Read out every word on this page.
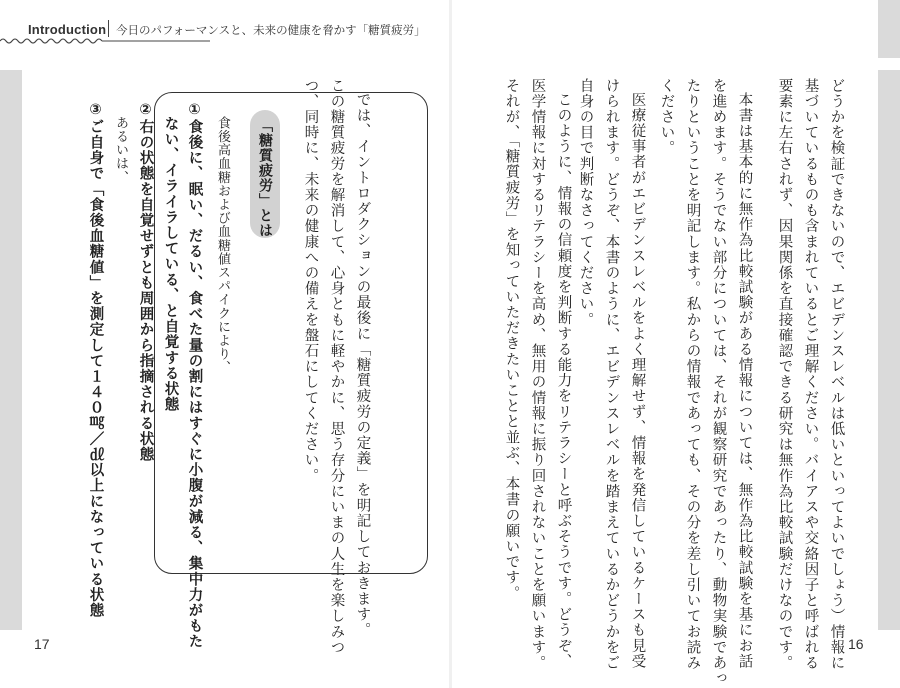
Introduction 今日のパフォーマンスと、未来の健康を脅かす「糖質疲労」
どうかを検証できないので、エビデンスレベルは低いといってよいでしょう）情報に
基づいているものも含まれているとご理解ください。バイアスや交絡因子と呼ばれる
要素に左右されず、因果関係を直接確認できる研究は無作為比較試験だけなのです。
本書は基本的に無作為比較試験がある情報については、無作為比較試験を基にお話
を進めます。そうでない部分については、それが観察研究であったり、動物実験であっ
たりということを明記します。私からの情報であっても、その分を差し引いてお読み
ください。
医療従事者がエビデンスレベルをよく理解せず、情報を発信しているケースも見受
けられます。どうぞ、本書のように、エビデンスレベルを踏まえているかどうかをご
自身の目で判断なさってください。
このように、情報の信頼度を判断する能力をリテラシーと呼ぶそうです。どうぞ、
医学情報に対するリテラシーを高め、無用の情報に振り回されないことを願います。
それが、「糖質疲労」を知っていただきたいことと並ぶ、本書の願いです。
では、イントロダクションの最後に「糖質疲労の定義」を明記しておきます。
この糖質疲労を解消して、心身ともに軽やかに、思う存分にいまの人生を楽しみつ
つ、同時に、未来の健康への備えを盤石にしてください。
「糖質疲労」とは
食後高血糖および血糖値スパイクにより、
①食後に、眠い、だるい、食べた量の割にはすぐに小腹が減る、集中力がもた
ない、イライラしている、と自覚する状態
②右の状態を自覚せずとも周囲から指摘される状態
あるいは、
③ご自身で「食後血糖値」を測定して１４０㎎／㎗以上になっている状態
17	16
